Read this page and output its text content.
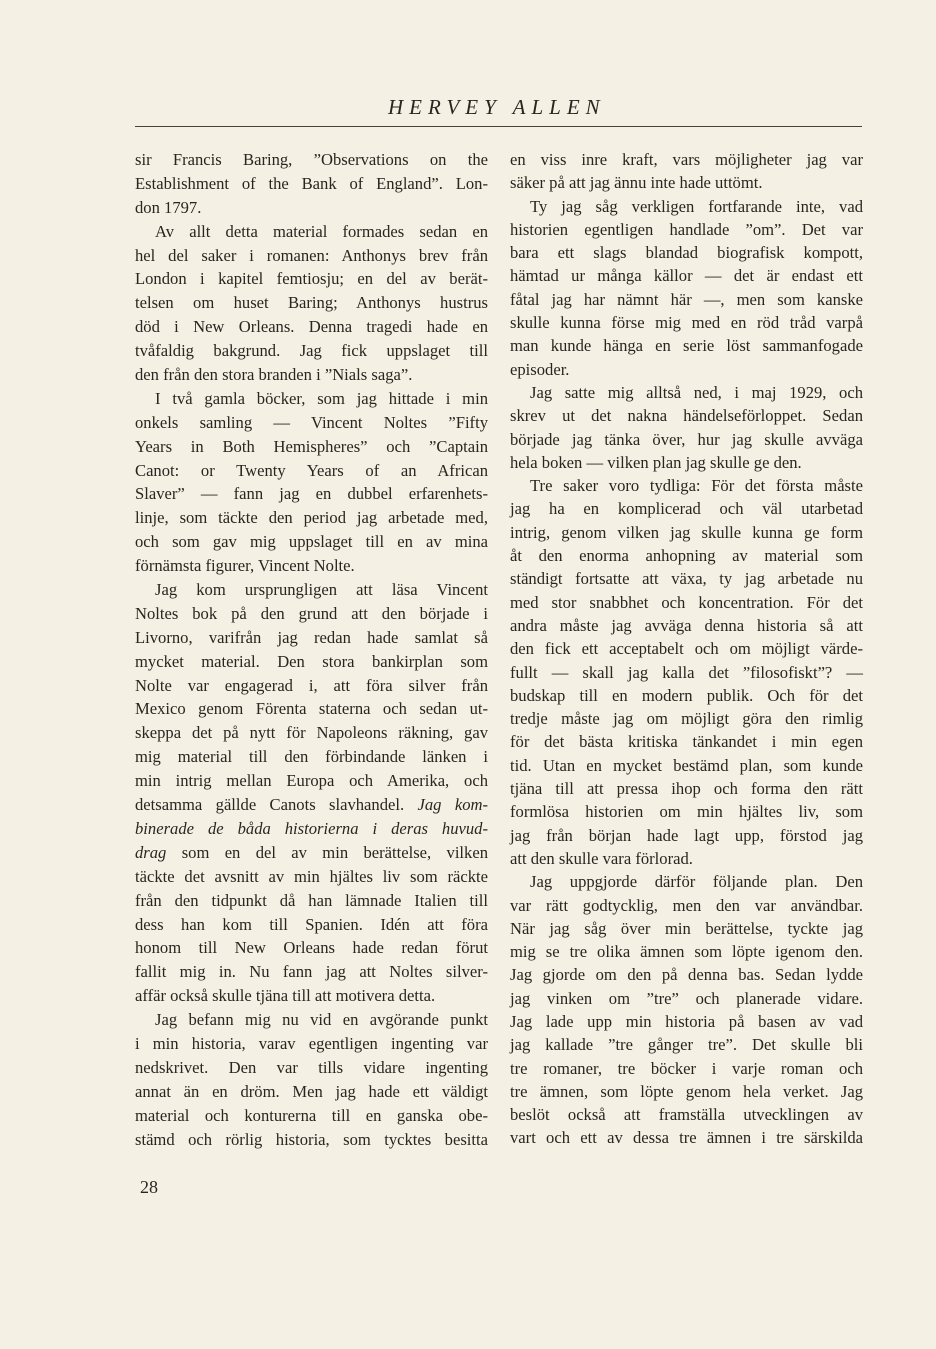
HERVEY ALLEN
sir Francis Baring, ”Observations on the
Establishment of the Bank of England”. Lon-
don 1797.
Av allt detta material formades sedan en
hel del saker i romanen: Anthonys brev från
London i kapitel femtiosju; en del av berät-
telsen om huset Baring; Anthonys hustrus
död i New Orleans. Denna tragedi hade en
tvåfaldig bakgrund. Jag fick uppslaget till
den från den stora branden i ”Nials saga”.
I två gamla böcker, som jag hittade i min
onkels samling — Vincent Noltes ”Fifty
Years in Both Hemispheres” och ”Captain
Canot: or Twenty Years of an African
Slaver” — fann jag en dubbel erfarenhets-
linje, som täckte den period jag arbetade med,
och som gav mig uppslaget till en av mina
förnämsta figurer, Vincent Nolte.
Jag kom ursprungligen att läsa Vincent
Noltes bok på den grund att den började i
Livorno, varifrån jag redan hade samlat så
mycket material. Den stora bankirplan som
Nolte var engagerad i, att föra silver från
Mexico genom Förenta staterna och sedan ut-
skeppa det på nytt för Napoleons räkning, gav
mig material till den förbindande länken i
min intrig mellan Europa och Amerika, och
detsamma gällde Canots slavhandel. Jag kom-
binerade de båda historierna i deras huvud-
drag som en del av min berättelse, vilken
täckte det avsnitt av min hjältes liv som räckte
från den tidpunkt då han lämnade Italien till
dess han kom till Spanien. Idén att föra
honom till New Orleans hade redan förut
fallit mig in. Nu fann jag att Noltes silver-
affär också skulle tjäna till att motivera detta.
Jag befann mig nu vid en avgörande punkt
i min historia, varav egentligen ingenting var
nedskrivet. Den var tills vidare ingenting
annat än en dröm. Men jag hade ett väldigt
material och konturerna till en ganska obe-
stämd och rörlig historia, som tycktes besitta
en viss inre kraft, vars möjligheter jag var
säker på att jag ännu inte hade uttömt.
Ty jag såg verkligen fortfarande inte, vad
historien egentligen handlade ”om”. Det var
bara ett slags blandad biografisk kompott,
hämtad ur många källor — det är endast ett
fåtal jag har nämnt här —, men som kanske
skulle kunna förse mig med en röd tråd varpå
man kunde hänga en serie löst sammanfogade
episoder.
Jag satte mig alltså ned, i maj 1929, och
skrev ut det nakna händelseförloppet. Sedan
började jag tänka över, hur jag skulle avväga
hela boken — vilken plan jag skulle ge den.
Tre saker voro tydliga: För det första måste
jag ha en komplicerad och väl utarbetad
intrig, genom vilken jag skulle kunna ge form
åt den enorma anhopning av material som
ständigt fortsatte att växa, ty jag arbetade nu
med stor snabbhet och koncentration. För det
andra måste jag avväga denna historia så att
den fick ett acceptabelt och om möjligt värde-
fullt — skall jag kalla det ”filosofiskt”? —
budskap till en modern publik. Och för det
tredje måste jag om möjligt göra den rimlig
för det bästa kritiska tänkandet i min egen
tid. Utan en mycket bestämd plan, som kunde
tjäna till att pressa ihop och forma den rätt
formlösa historien om min hjältes liv, som
jag från början hade lagt upp, förstod jag
att den skulle vara förlorad.
Jag uppgjorde därför följande plan. Den
var rätt godtycklig, men den var användbar.
När jag såg över min berättelse, tyckte jag
mig se tre olika ämnen som löpte igenom den.
Jag gjorde om den på denna bas. Sedan lydde
jag vinken om ”tre” och planerade vidare.
Jag lade upp min historia på basen av vad
jag kallade ”tre gånger tre”. Det skulle bli
tre romaner, tre böcker i varje roman och
tre ämnen, som löpte genom hela verket. Jag
beslöt också att framställa utvecklingen av
vart och ett av dessa tre ämnen i tre särskilda
28
